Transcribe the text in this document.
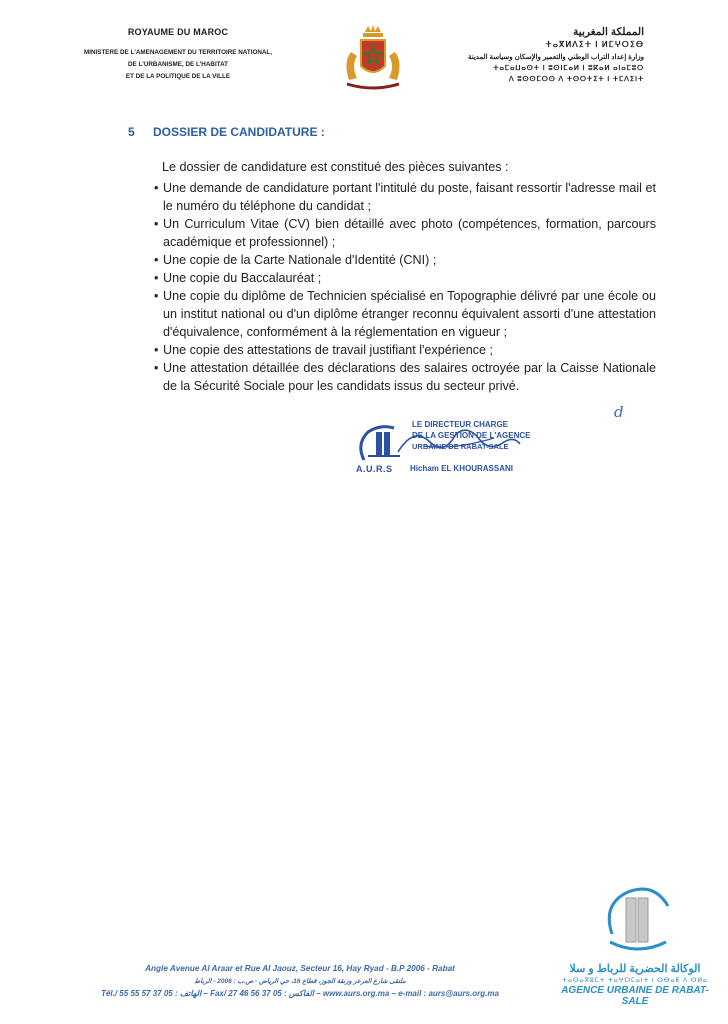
ROYAUME DU MAROC
MINISTERE DE L'AMENAGEMENT DU TERRITOIRE NATIONAL,
DE L'URBANISME, DE L'HABITAT
ET DE LA POLITIQUE DE LA VILLE
المملكة المغربية
ⵜⴰⴳⵍⴷⵉⵜ ⵏ ⵍⵎⵖⵔⵉⴱ
وزارة إعداد التراب الوطني والتعمير والإسكان وسياسة المدينة
ⵜⴰⵎⴰⵡⴰⵙⵜ ⵏ ⵓⵙⵏⵎⴰⵍ ⵏ ⵓⴽⴰⵍ ⴰⵏⴰⵎⵓⵔ
ⴷ ⵓⵙⵙⵎⵔⵙ ⴷ ⵜⵙⵔⵜⵉⵜ ⵏ ⵜⵎⴷⵉⵏⵜ
5 DOSSIER DE CANDIDATURE :
Le dossier de candidature est constitué des pièces suivantes :
• Une demande de candidature portant l'intitulé du poste, faisant ressortir l'adresse mail et le numéro du téléphone du candidat ;
• Un Curriculum Vitae (CV) bien détaillé avec photo (compétences, formation, parcours académique et professionnel) ;
• Une copie de la Carte Nationale d'Identité (CNI) ;
• Une copie du Baccalauréat ;
• Une copie du diplôme de Technicien spécialisé en Topographie délivré par une école ou un institut national ou d'un diplôme étranger reconnu équivalent assorti d'une attestation d'équivalence, conformément à la réglementation en vigueur ;
• Une copie des attestations de travail justifiant l'expérience ;
• Une attestation détaillée des déclarations des salaires octroyée par la Caisse Nationale de la Sécurité Sociale pour les candidats issus du secteur privé.
d
LE DIRECTEUR CHARGE
DE LA GESTION DE L'AGENCE
URBAINE DE RABAT-SALE
A.U.R.S Hicham EL KHOURASSANI
Angle Avenue Al Araar et Rue Al Jaouz, Secteur 16, Hay Ryad - B.P 2006 - Rabat
ملتقى شارع العرعر وزنقة الجوز، قطاع 16، حي الرياض - ص.ب : 2006 - الرباط
Tél./ الهاتف : 05 37 57 55 55 – Fax/ الفاكس : 05 37 56 46 27 – www.aurs.org.ma – e-mail : aurs@aurs.org.ma
الوكالة الحضرية للرباط و سلا
ⵜⴰⵙⴰⴳⵓⵎⵜ ⵜⴰⵖⵔⵎⴰⵏⵜ ⵏ ⵔⴱⴰⵟ ⴷ ⵙⵍⴰ
AGENCE URBAINE DE RABAT-SALE
